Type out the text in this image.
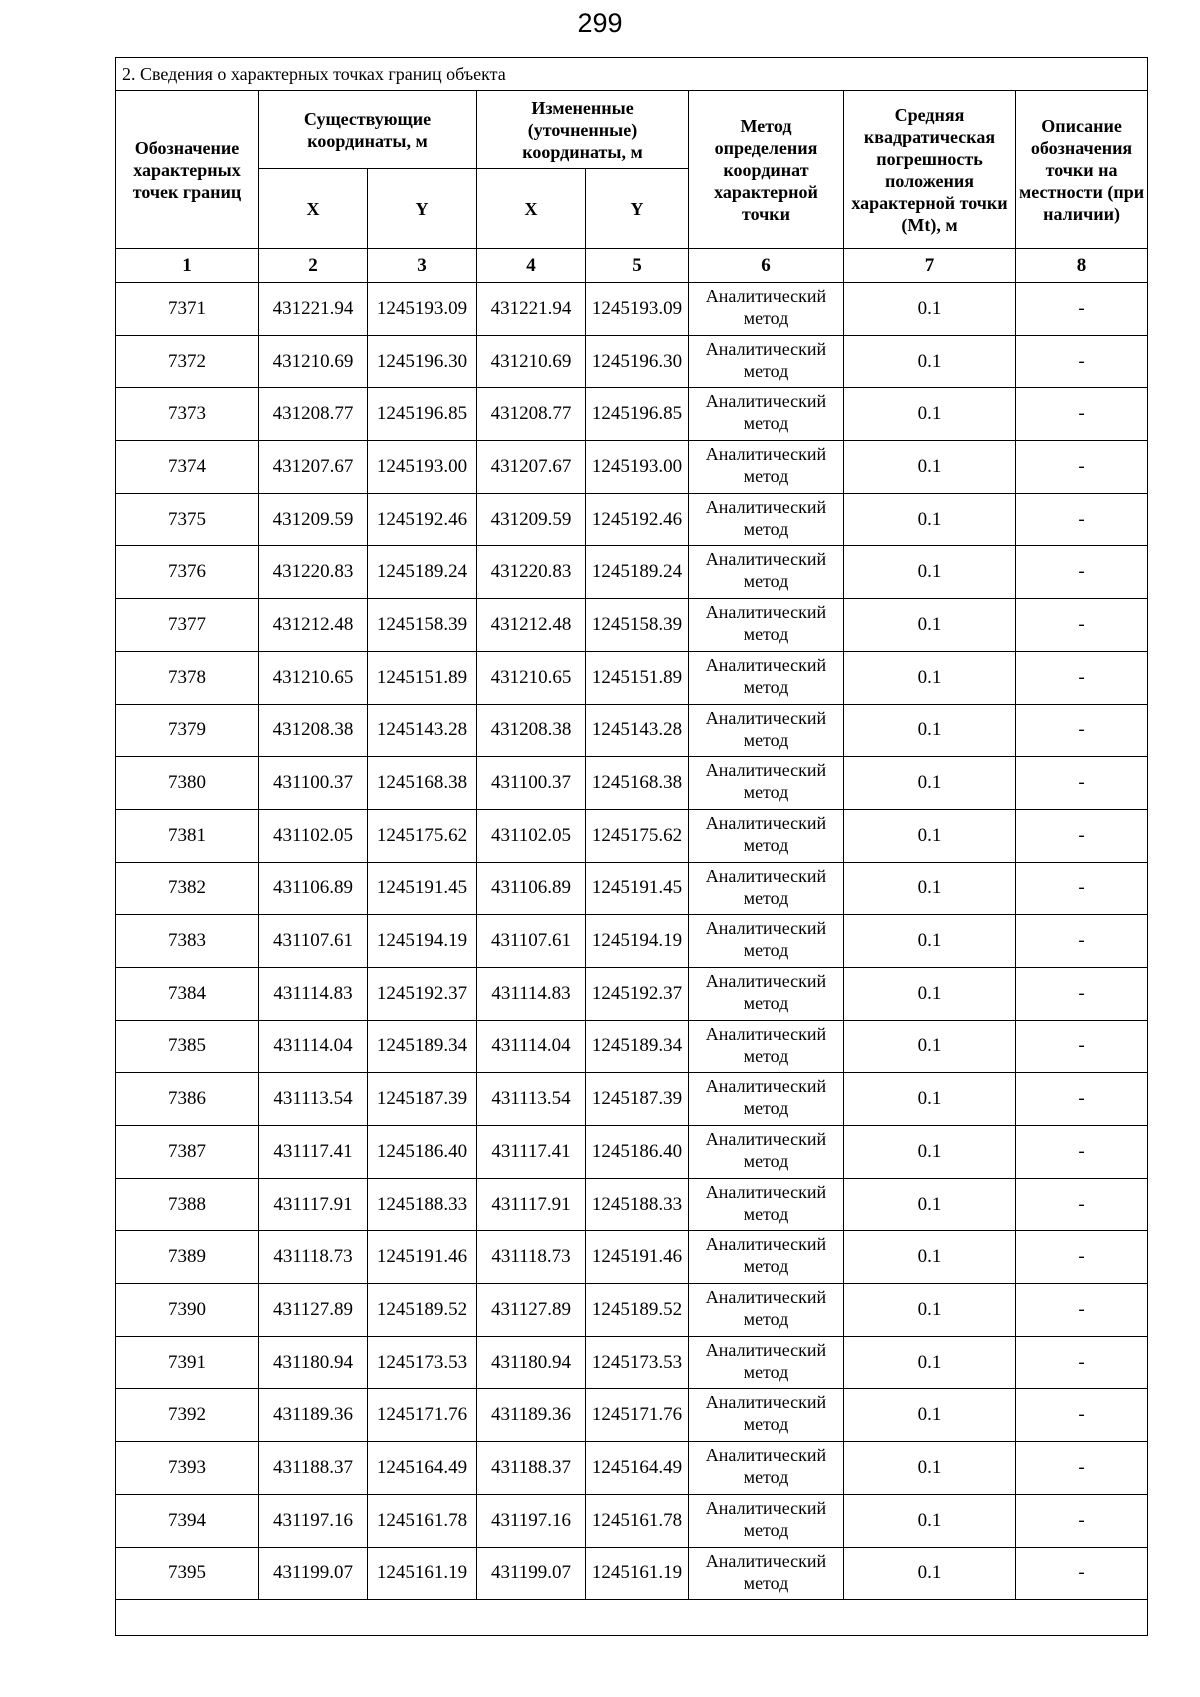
299
2. Сведения о характерных точках границ объекта							
Обозначение характерных точек границ	Существующие координаты, м		Измененные (уточненные) координаты, м		Метод определения координат характерной точки	Средняя квадратическая погрешность положения характерной точки (Mt), м	Описание обозначения точки на местности (при наличии)
	X	Y	X	Y			
1	2	3	4	5	6	7	8
7371	431221.94	1245193.09	431221.94	1245193.09	Аналитический метод	0.1	-
7372	431210.69	1245196.30	431210.69	1245196.30	Аналитический метод	0.1	-
7373	431208.77	1245196.85	431208.77	1245196.85	Аналитический метод	0.1	-
7374	431207.67	1245193.00	431207.67	1245193.00	Аналитический метод	0.1	-
7375	431209.59	1245192.46	431209.59	1245192.46	Аналитический метод	0.1	-
7376	431220.83	1245189.24	431220.83	1245189.24	Аналитический метод	0.1	-
7377	431212.48	1245158.39	431212.48	1245158.39	Аналитический метод	0.1	-
7378	431210.65	1245151.89	431210.65	1245151.89	Аналитический метод	0.1	-
7379	431208.38	1245143.28	431208.38	1245143.28	Аналитический метод	0.1	-
7380	431100.37	1245168.38	431100.37	1245168.38	Аналитический метод	0.1	-
7381	431102.05	1245175.62	431102.05	1245175.62	Аналитический метод	0.1	-
7382	431106.89	1245191.45	431106.89	1245191.45	Аналитический метод	0.1	-
7383	431107.61	1245194.19	431107.61	1245194.19	Аналитический метод	0.1	-
7384	431114.83	1245192.37	431114.83	1245192.37	Аналитический метод	0.1	-
7385	431114.04	1245189.34	431114.04	1245189.34	Аналитический метод	0.1	-
7386	431113.54	1245187.39	431113.54	1245187.39	Аналитический метод	0.1	-
7387	431117.41	1245186.40	431117.41	1245186.40	Аналитический метод	0.1	-
7388	431117.91	1245188.33	431117.91	1245188.33	Аналитический метод	0.1	-
7389	431118.73	1245191.46	431118.73	1245191.46	Аналитический метод	0.1	-
7390	431127.89	1245189.52	431127.89	1245189.52	Аналитический метод	0.1	-
7391	431180.94	1245173.53	431180.94	1245173.53	Аналитический метод	0.1	-
7392	431189.36	1245171.76	431189.36	1245171.76	Аналитический метод	0.1	-
7393	431188.37	1245164.49	431188.37	1245164.49	Аналитический метод	0.1	-
7394	431197.16	1245161.78	431197.16	1245161.78	Аналитический метод	0.1	-
7395	431199.07	1245161.19	431199.07	1245161.19	Аналитический метод	0.1	-
